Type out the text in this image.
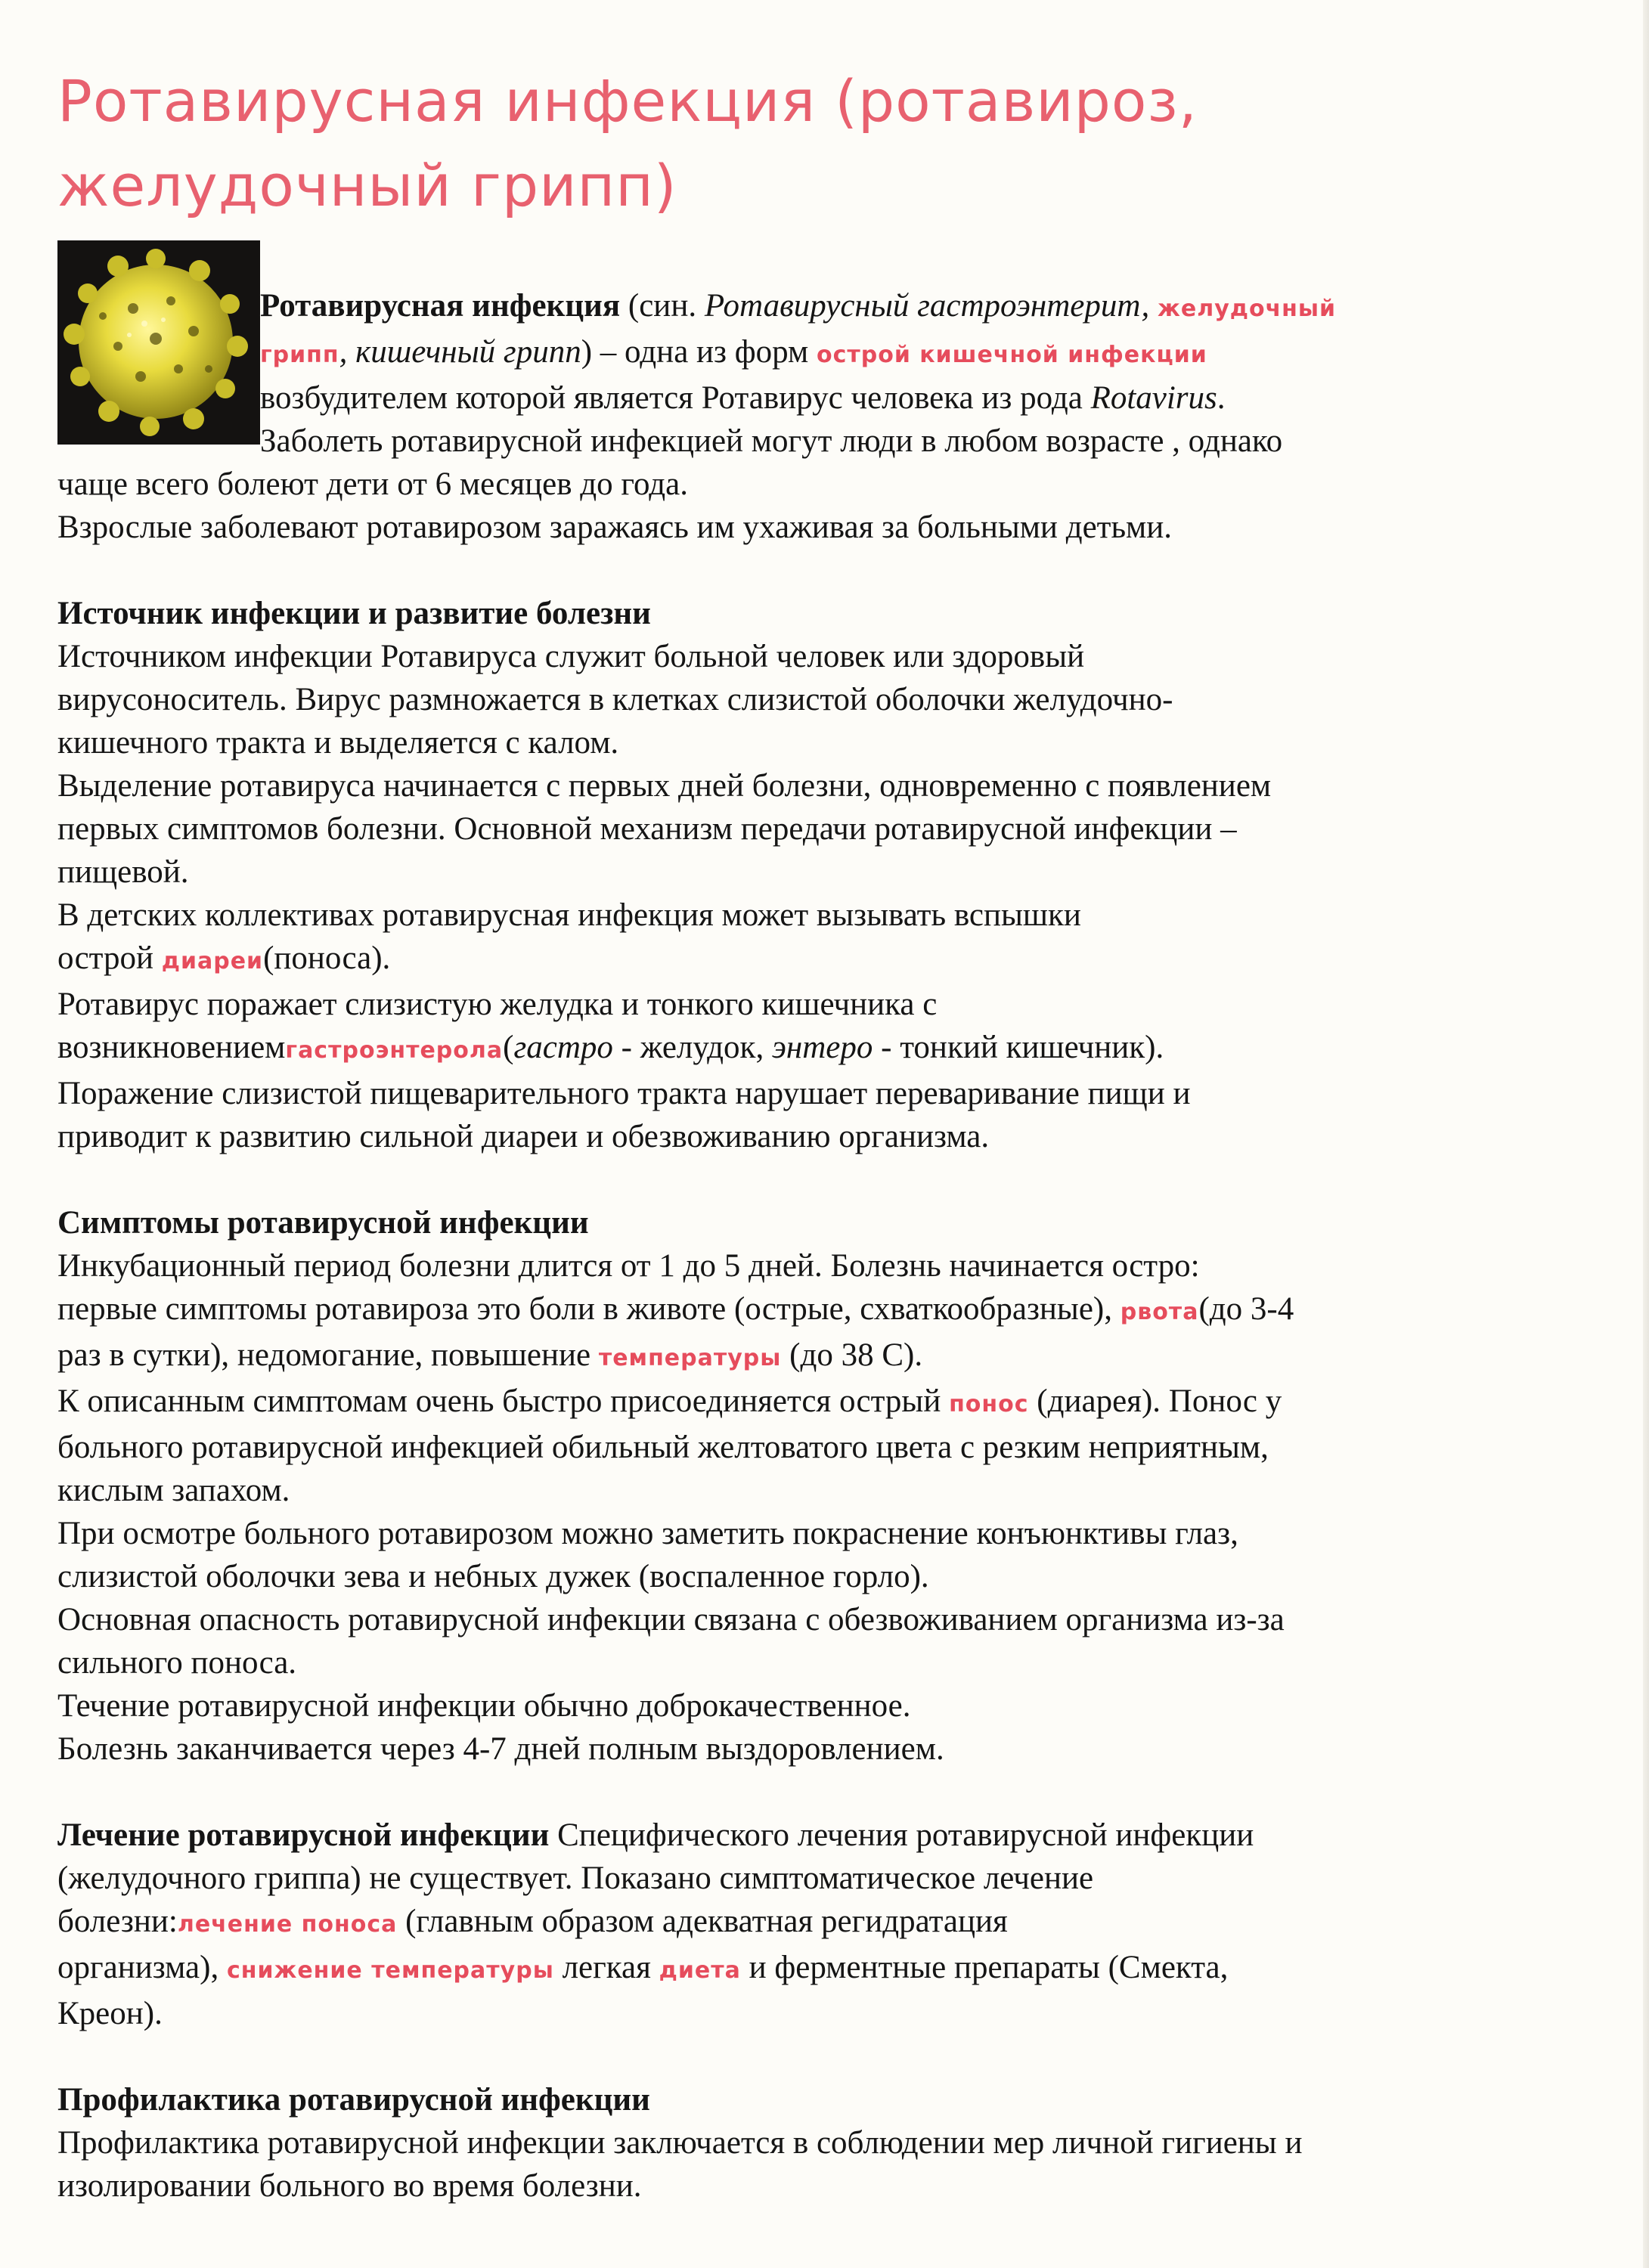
Ротавирусная инфекция (ротавироз, желудочный грипп)

Ротавирусная инфекция (син. Ротавирусный гастроэнтерит, желудочный

грипп, кишечный грипп) – одна из форм острой кишечной инфекции

возбудителем которой является Ротавирус человека из рода Rotavirus.

Заболеть ротавирусной инфекцией могут люди в любом возрасте , однако

чаще всего болеют дети от 6 месяцев до года.

Взрослые заболевают ротавирозом заражаясь им ухаживая за больными детьми.

Источник инфекции и развитие болезни

Источником инфекции Ротавируса служит больной человек или здоровый

вирусоноситель. Вирус размножается в клетках слизистой оболочки желудочно-

кишечного тракта и выделяется с калом.

Выделение ротавируса начинается с первых дней болезни, одновременно с появлением

первых симптомов болезни. Основной механизм передачи ротавирусной инфекции –

пищевой.

В детских коллективах ротавирусная инфекция может вызывать вспышки

острой диареи(поноса).

Ротавирус поражает слизистую желудка и тонкого кишечника с

возникновениемгастроэнтерола(гастро - желудок, энтеро - тонкий кишечник).

Поражение слизистой пищеварительного тракта нарушает переваривание пищи и

приводит к развитию сильной диареи и обезвоживанию организма.

Симптомы ротавирусной инфекции

Инкубационный период болезни длится от 1 до 5 дней. Болезнь начинается остро:

первые симптомы ротавироза это боли в животе (острые, схваткообразные), рвота(до 3-4

раз в сутки), недомогание, повышение температуры (до 38 С).

К описанным симптомам очень быстро присоединяется острый понос (диарея). Понос у

больного ротавирусной инфекцией обильный желтоватого цвета с резким неприятным,

кислым запахом.

При осмотре больного ротавирозом можно заметить покраснение конъюнктивы глаз,

слизистой оболочки зева и небных дужек (воспаленное горло).

Основная опасность ротавирусной инфекции связана с обезвоживанием организма из-за

сильного поноса.

Течение ротавирусной инфекции обычно доброкачественное.

Болезнь заканчивается через 4-7 дней полным выздоровлением.

Лечение ротавирусной инфекции Специфического лечения ротавирусной инфекции

(желудочного гриппа) не существует. Показано симптоматическое лечение

болезни:лечение поноса (главным образом адекватная регидратация

организма), снижение температуры легкая диета и ферментные препараты (Смекта,

Креон).

Профилактика ротавирусной инфекции

Профилактика ротавирусной инфекции заключается в соблюдении мер личной гигиены и

изолировании больного во время болезни.
